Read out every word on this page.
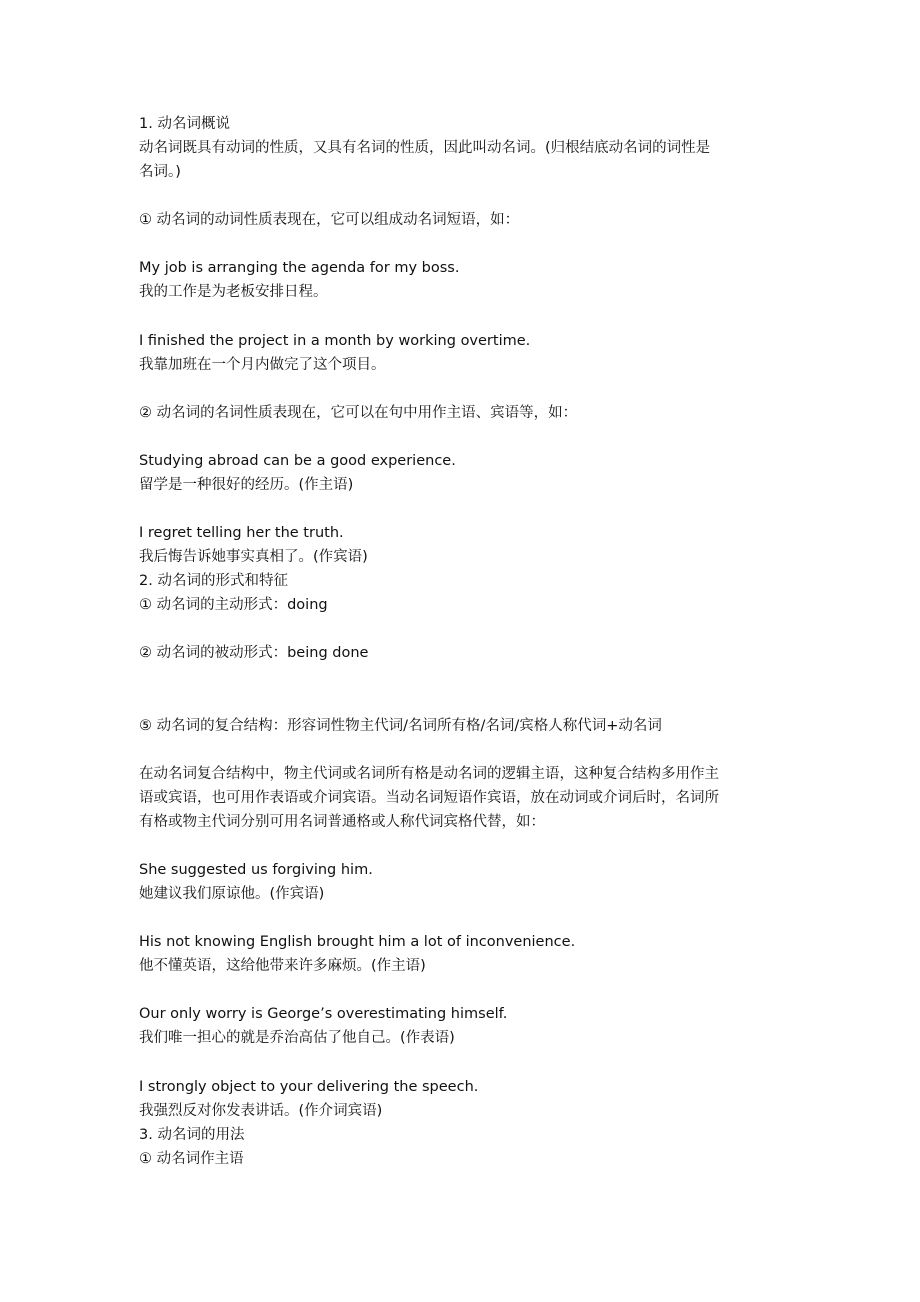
1. 动名词概说
动名词既具有动词的性质，又具有名词的性质，因此叫动名词。(归根结底动名词的词性是
名词。)
① 动名词的动词性质表现在，它可以组成动名词短语，如：
My job is arranging the agenda for my boss.
我的工作是为老板安排日程。
I finished the project in a month by working overtime.
我靠加班在一个月内做完了这个项目。
② 动名词的名词性质表现在，它可以在句中用作主语、宾语等，如：
Studying abroad can be a good experience.
留学是一种很好的经历。(作主语)
I regret telling her the truth.
我后悔告诉她事实真相了。(作宾语)
2. 动名词的形式和特征
① 动名词的主动形式：doing
② 动名词的被动形式：being done
⑤ 动名词的复合结构：形容词性物主代词/名词所有格/名词/宾格人称代词+动名词
在动名词复合结构中，物主代词或名词所有格是动名词的逻辑主语，这种复合结构多用作主
语或宾语，也可用作表语或介词宾语。当动名词短语作宾语，放在动词或介词后时，名词所
有格或物主代词分别可用名词普通格或人称代词宾格代替，如：
She suggested us forgiving him.
她建议我们原谅他。(作宾语)
His not knowing English brought him a lot of inconvenience.
他不懂英语，这给他带来许多麻烦。(作主语)
Our only worry is George’s overestimating himself.
我们唯一担心的就是乔治高估了他自己。(作表语)
I strongly object to your delivering the speech.
我强烈反对你发表讲话。(作介词宾语)
3. 动名词的用法
① 动名词作主语
